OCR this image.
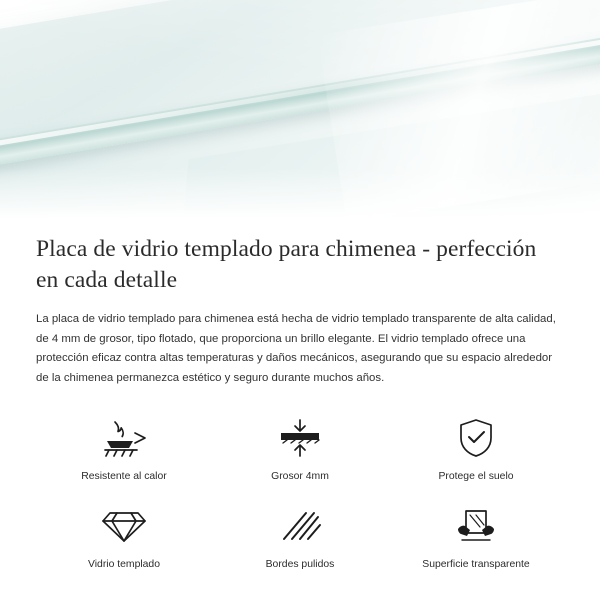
Placa de vidrio templado para chimenea - perfección en cada detalle

La placa de vidrio templado para chimenea está hecha de vidrio templado transparente de alta calidad, de 4 mm de grosor, tipo flotado, que proporciona un brillo elegante. El vidrio templado ofrece una protección eficaz contra altas temperaturas y daños mecánicos, asegurando que su espacio alrededor de la chimenea permanezca estético y seguro durante muchos años.

Resistente al calor	Grosor 4mm	Protege el suelo
Vidrio templado	Bordes pulidos	Superficie transparente
